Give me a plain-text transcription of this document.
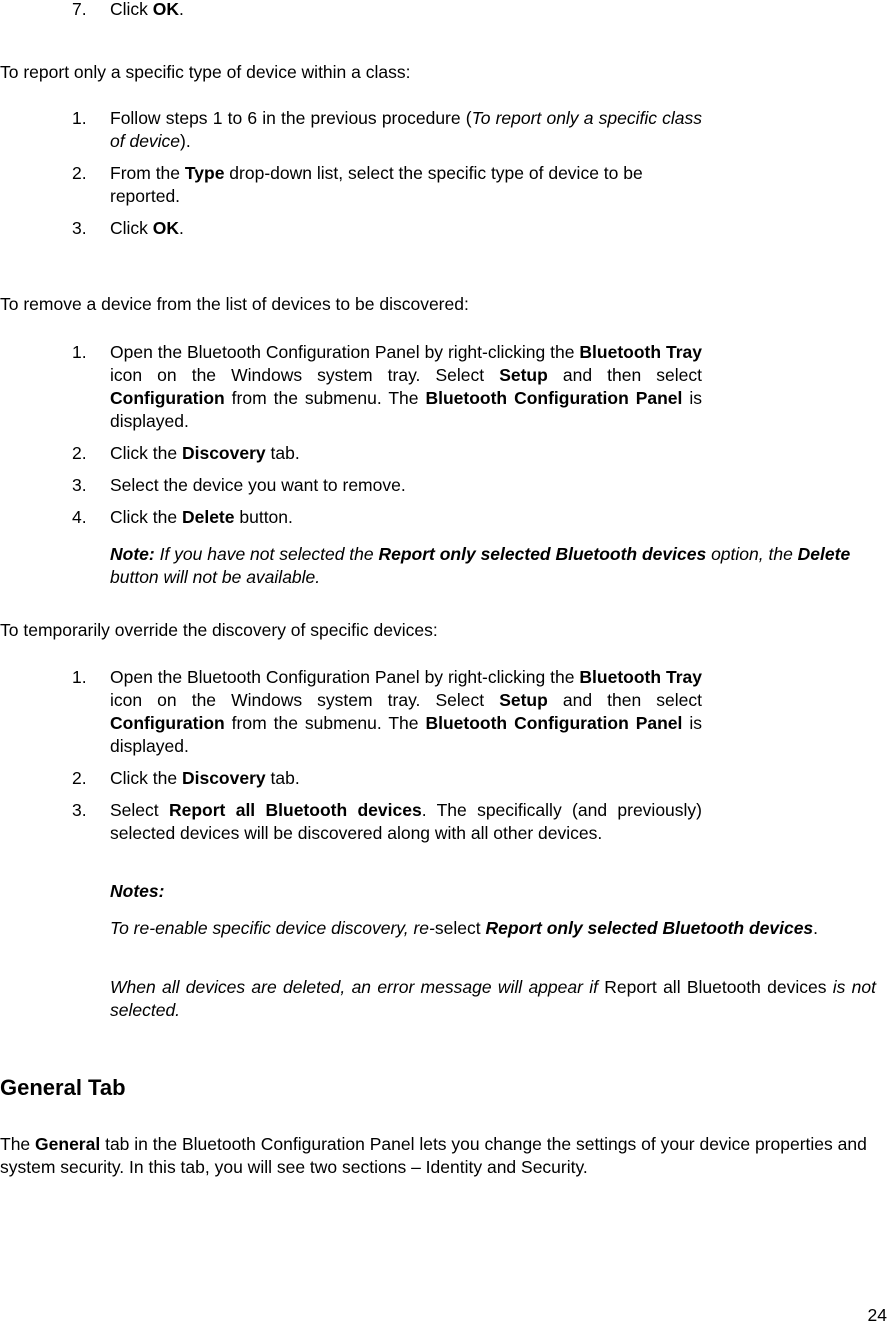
7. Click OK.
To report only a specific type of device within a class:
1. Follow steps 1 to 6 in the previous procedure (To report only a specific class of device).
2. From the Type drop-down list, select the specific type of device to be reported.
3. Click OK.
To remove a device from the list of devices to be discovered:
1. Open the Bluetooth Configuration Panel by right-clicking the Bluetooth Tray icon on the Windows system tray. Select Setup and then select Configuration from the submenu. The Bluetooth Configuration Panel is displayed.
2. Click the Discovery tab.
3. Select the device you want to remove.
4. Click the Delete button.
Note: If you have not selected the Report only selected Bluetooth devices option, the Delete button will not be available.
To temporarily override the discovery of specific devices:
1. Open the Bluetooth Configuration Panel by right-clicking the Bluetooth Tray icon on the Windows system tray. Select Setup and then select Configuration from the submenu. The Bluetooth Configuration Panel is displayed.
2. Click the Discovery tab.
3. Select Report all Bluetooth devices. The specifically (and previously) selected devices will be discovered along with all other devices.
Notes:
To re-enable specific device discovery, re-select Report only selected Bluetooth devices.
When all devices are deleted, an error message will appear if Report all Bluetooth devices is not selected.
General Tab
The General tab in the Bluetooth Configuration Panel lets you change the settings of your device properties and system security. In this tab, you will see two sections – Identity and Security.
24
